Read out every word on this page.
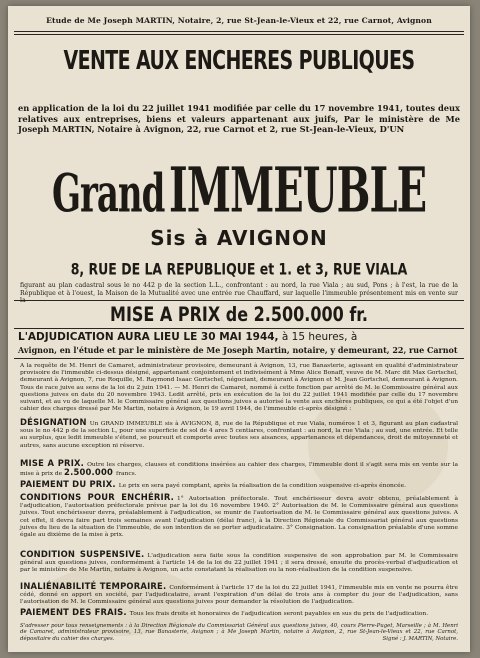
Etude de Me Joseph MARTIN, Notaire, 2, rue St-Jean-le-Vieux et 22, rue Carnot, Avignon
VENTE AUX ENCHERES PUBLIQUES
en application de la loi du 22 juillet 1941 modifiée par celle du 17 novembre 1941, toutes deux relatives aux entreprises, biens et valeurs appartenant aux juifs, Par le ministère de Me Joseph MARTIN, Notaire à Avignon, 22, rue Carnot et 2, rue St-Jean-le-Vieux, D'UN
Grand IMMEUBLE
Sis à AVIGNON
8, RUE DE LA REPUBLIQUE et 1. et 3, RUE VIALA
figurant au plan cadastral sous le no 442 p de la section L.L., confrontant : au nord, la rue Viala ; au sud, Pons ; à l'est, la rue de la République et à l'ouest, la Maison de la Mutualité avec une entrée rue Chauffard, sur laquelle l'immeuble présentement mis en vente sur la
MISE A PRIX de 2.500.000 fr.
L'ADJUDICATION AURA LIEU LE 30 MAI 1944, à 15 heures, à
Avignon, en l'étude et par le ministère de Me Joseph Martin, notaire, y demeurant, 22, rue Carnot
A la requête de M. Henri de Camaret, administrateur provisoire, demeurant à Avignon, 13, rue Banasterie, agissant en qualité d'administrateur provisoire de l'immeuble ci-dessus désigné, appartenant conjointement et indivisément à Mme Alice Bonaff, veuve de M. Marc dit Max Gortschel, demeurant à Avignon, 7, rue Roquille, M. Raymond Isaac Gortschel, négociant, demeurant à Avignon et M. Jean Gortschel, demeurant à Avignon. Tous de race juive au sens de la loi du 2 juin 1941. — M. Henri de Camaret, nommé à cette fonction par arrêté de M. le Commissaire général aux questions juives en date du 20 novembre 1943. Ledit arrêté, pris en exécution de la loi du 22 juillet 1941 modifiée par celle du 17 novembre suivant, et au vu de laquelle M. le Commissaire général aux questions juives a autorisé la vente aux enchères publiques, ce qui a été l'objet d'un cahier des charges dressé par Me Martin, notaire à Avignon, le 19 avril 1944, de l'immeuble ci-après désigné :
DÉSIGNATION Un GRAND IMMEUBLE sis à AVIGNON, 8, rue de la République et rue Viala, numéros 1 et 3, figurant au plan cadastral sous le no 442 p de la section L, pour une superficie de sol de 4 ares 5 centiares, confrontant : au nord, la rue Viala ; au sud, une entrée. Et telle au surplus, que ledit immeuble s'étend, se poursuit et comporte avec toutes ses aisances, appartenances et dépendances, droit de mitoyenneté et autres, sans aucune exception ni réserve.
MISE A PRIX. Outre les charges, clauses et conditions insérées au cahier des charges, l'immeuble dont il s'agit sera mis en vente sur la mise à prix de 2.500.000 francs.
PAIEMENT DU PRIX. Le prix en sera payé comptant, après la réalisation de la condition suspensive ci-après énoncée.
CONDITIONS POUR ENCHÉRIR. 1° Autorisation préfectorale. Tout enchérisseur devra avoir obtenu, préalablement à l'adjudication, l'autorisation préfectorale prévue par la loi du 16 novembre 1940. 2° Autorisation de M. le Commissaire général aux questions juives. Tout enchérisseur devra, préalablement à l'adjudication, se munir de l'autorisation de M. le Commissaire général aux questions juives. A cet effet, il devra faire part trois semaines avant l'adjudication (délai franc), à la Direction Régionale du Commissariat général aux questions juives du lieu de la situation de l'immeuble, de son intention de se porter adjudicataire. 3° Consignation. La consignation préalable d'une somme égale au dixième de la mise à prix.
CONDITION SUSPENSIVE. L'adjudication sera faite sous la condition suspensive de son approbation par M. le Commissaire général aux questions juives, conformément à l'article 14 de la loi du 22 juillet 1941 ; il sera dressé, ensuite du procès-verbal d'adjudication et par le ministère de Me Martin, notaire à Avignon, un acte constatant la réalisation ou la non-réalisation de la condition suspensive.
INALIÉNABILITÉ TEMPORAIRE. Conformément à l'article 17 de la loi du 22 juillet 1941, l'immeuble mis en vente ne pourra être cédé, donné en apport en société, par l'adjudicataire, avant l'expiration d'un délai de trois ans à compter du jour de l'adjudication, sans l'autorisation de M. le Commissaire général aux questions juives pour demander la résolution de l'adjudication.
PAIEMENT DES FRAIS. Tous les frais droits et honoraires de l'adjudication seront payables en sus du prix de l'adjudication.
S'adresser pour tous renseignements : à la Direction Régionale du Commissariat Général aux questions juives, 40, cours Pierre-Puget, Marseille ; à M. Henri de Camaret, administrateur provisoire, 13, rue Banasterie, Avignon ; à Me Joseph Martin, notaire à Avignon, 2, rue St-Jean-le-Vieux et 22, rue Carnot, dépositaire du cahier des charges.	Signé : J. MARTIN, Notaire.
